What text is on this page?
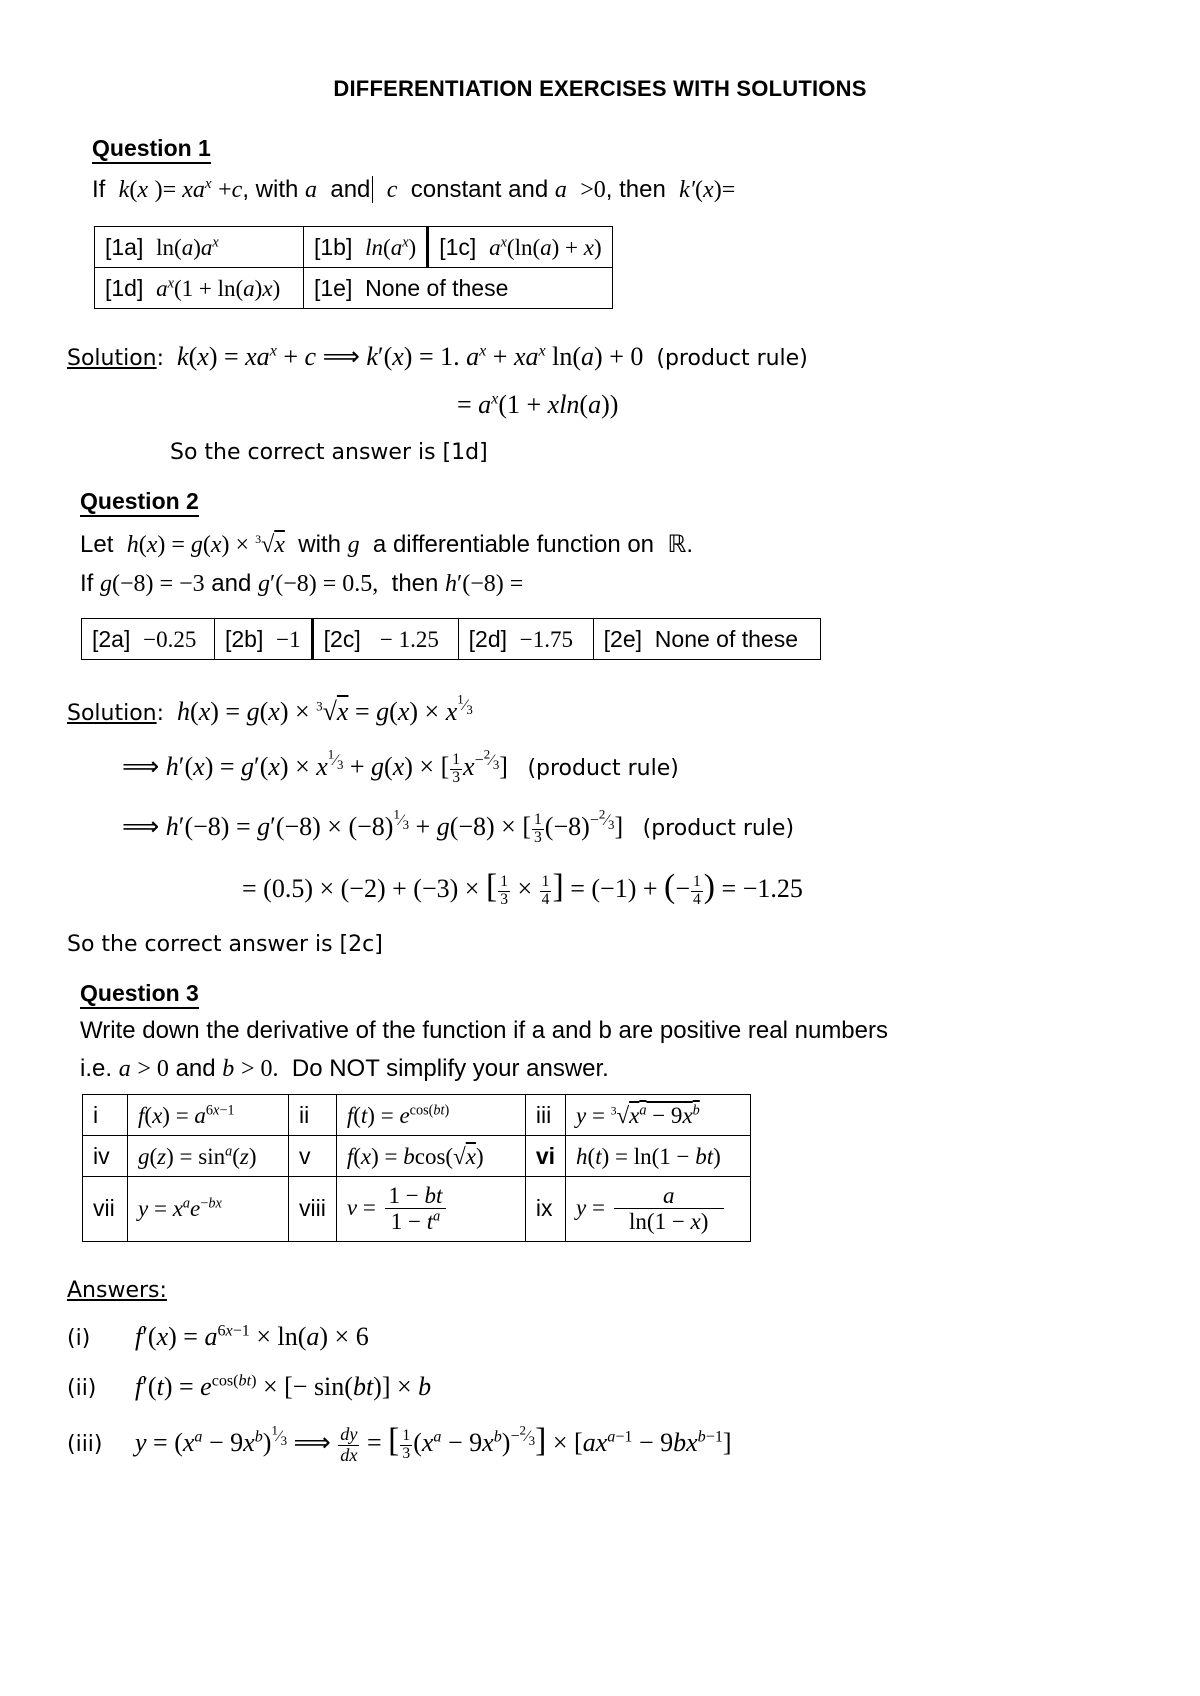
DIFFERENTIATION EXERCISES WITH SOLUTIONS
Question 1
If  k(x )= $xa^x +c$, with a  and c  constant and a >0, then  k′(x)=
[1a] $\ln(a)a^x$	[1b] $\ln(a^x)$	[1c] $a^x(\ln(a) + x)$
[1d] $a^x(1 + \ln(a)x)$	[1e] None of these	
Solution: $k(x) = xa^x + c$ ⟹ k′(x) = 1. $a^x + xa^x$ ln(a) + 0  (product rule)
= $a^x(1 + xln(a))$
So the correct answer is [1d]
Question 2
Let  h(x) = g(x) × $^3$√x  with g  a differentiable function on  ℝ.
If g(−8) = −3 and g′(−8) = 0.5,  then h′(−8) =
[2a] −0.25	[2b] −1	[2c] − 1.25	[2d] −1.75	[2e] None of these
Solution: $h(x) = g(x) \times ^3√x = g(x) \times x^{^1⁄_3}$
⟹ $h'(x) = g'(x) \times x^{^1⁄_3} + g(x)$ × [ $\frac{1}{3} x^{-^2⁄_3}$]   (product rule)
⟹ $h'(-8) = g'(-8) \times (-8)^{^1⁄_3} + g(-8)$ × [ $\frac{1}{3} (-8)^{-^2⁄_3}$]   (product rule)
= (0.5) × (−2) + (−3) × [ $\frac{1}{3} \times \frac{1}{4}$ ] = (−1) + (− $\frac{1}{4}$ ) = −1.25
So the correct answer is [2c]
Question 3
Write down the derivative of the function if a and b are positive real numbers
i.e. a > 0 and b > 0. Do NOT simplify your answer.
i	$f(x) = a^{6x-1}$	ii	$f(t) = e^{cos(bt)}$	iii	$y = ^3√x^a - 9x^b$
iv	$g(z) = \sin^a(z)$	v	f(x) = bcos(√x)	vi	h(t) = ln(1 − bt)
vii	$y = x^ae^{-bx}$	viii	$v = \frac{1 - bt}{1 - t^a}$	ix	$y = \frac{a}{\ln(1 - x)}$
Answers:
(i) $f'(x) = a^{6x-1} \times \ln(a) \times 6$
(ii) $f'(t) = e^{cos(bt)}$ × [− sin(bt)] × b
(iii) $y = (x^a - 9x^b)^{^1⁄_3}$ ⟹ $\frac{dy}{dx}$ = [ $\frac{1}{3} (x^a - 9x^b)^{-^2⁄_3}] \times [ax^{a-1} - 9bx^{b-1}]$
